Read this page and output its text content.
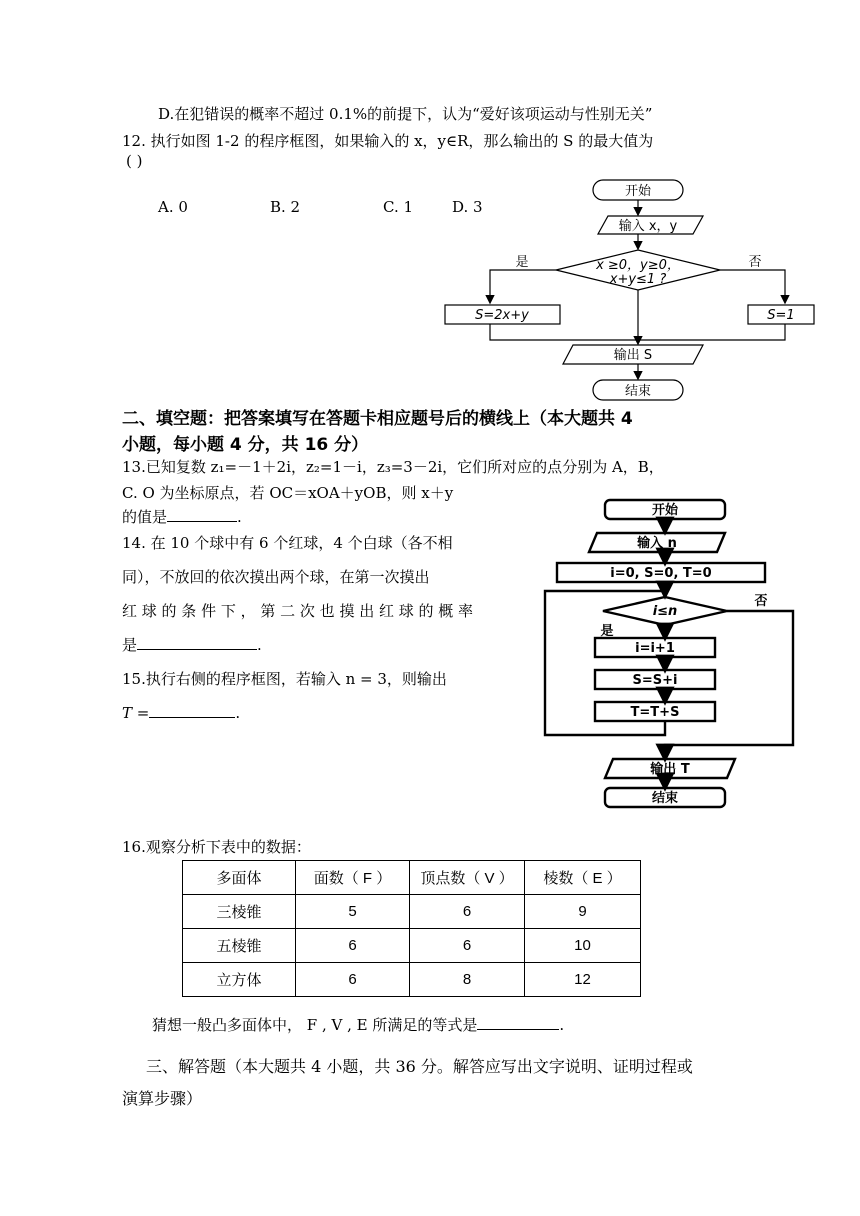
D.在犯错误的概率不超过 0.1%的前提下，认为“爱好该项运动与性别无关”
12. 执行如图 1-2 的程序框图，如果输入的 x，y∈R，那么输出的 S 的最大值为
( )
A. 0	B. 2	C. 1	D. 3
开始
输入 x，y
x ≥0，y≥0，
x+y≤1 ?
是	否
S=2x+y	S=1
输出 S
结束
二、填空题：把答案填写在答题卡相应题号后的横线上（本大题共 4
小题，每小题 4 分，共 16 分）
13.已知复数 z₁=－1＋2i，z₂=1－i，z₃=3－2i，它们所对应的点分别为 A，B，
C. O 为坐标原点，若 OC＝xOA＋yOB，则 x＋y
的值是	.
14. 在 10 个球中有 6 个红球，4 个白球（各不相
同），不放回的依次摸出两个球，在第一次摸出
红 球 的 条 件 下 ， 第 二 次 也 摸 出 红 球 的 概 率
是	.
15.执行右侧的程序框图，若输入 n = 3，则输出
T =	.
开始
输入 n
i=0, S=0, T=0
i≤n
否
是
i=i+1
S=S+i
T=T+S
输出 T
结束
16.观察分析下表中的数据：
多面体	面数（ F ）	顶点数（ V ）	棱数（ E ）
三棱锥	5	6	9
五棱锥	6	6	10
立方体	6	8	12
猜想一般凸多面体中， F , V , E 所满足的等式是	.
三、解答题（本大题共 4 小题，共 36 分。解答应写出文字说明、证明过程或
演算步骤）
